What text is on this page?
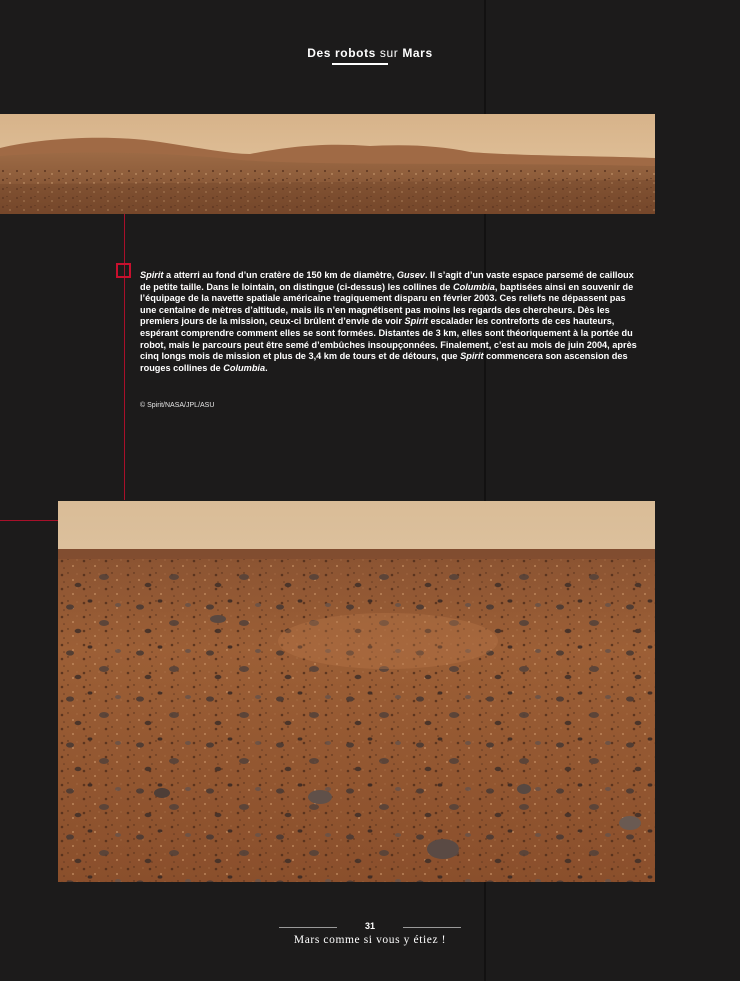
Des robots sur Mars
Spirit a atterri au fond d’un cratère de 150 km de diamètre, Gusev. Il s’agit d’un vaste espace parsemé de cailloux de petite taille. Dans le lointain, on distingue (ci-dessus) les collines de Columbia, baptisées ainsi en souvenir de l’équipage de la navette spatiale américaine tragiquement disparu en février 2003. Ces reliefs ne dépassent pas une centaine de mètres d’altitude, mais ils n’en magnétisent pas moins les regards des chercheurs. Dès les premiers jours de la mission, ceux-ci brûlent d’envie de voir Spirit escalader les contreforts de ces hauteurs, espérant comprendre comment elles se sont formées. Distantes de 3 km, elles sont théoriquement à la portée du robot, mais le parcours peut être semé d’embûches insoupçonnées. Finalement, c’est au mois de juin 2004, après cinq longs mois de mission et plus de 3,4 km de tours et de détours, que Spirit commencera son ascension des rouges collines de Columbia.
© Spirit/NASA/JPL/ASU
31
Mars comme si vous y étiez !
